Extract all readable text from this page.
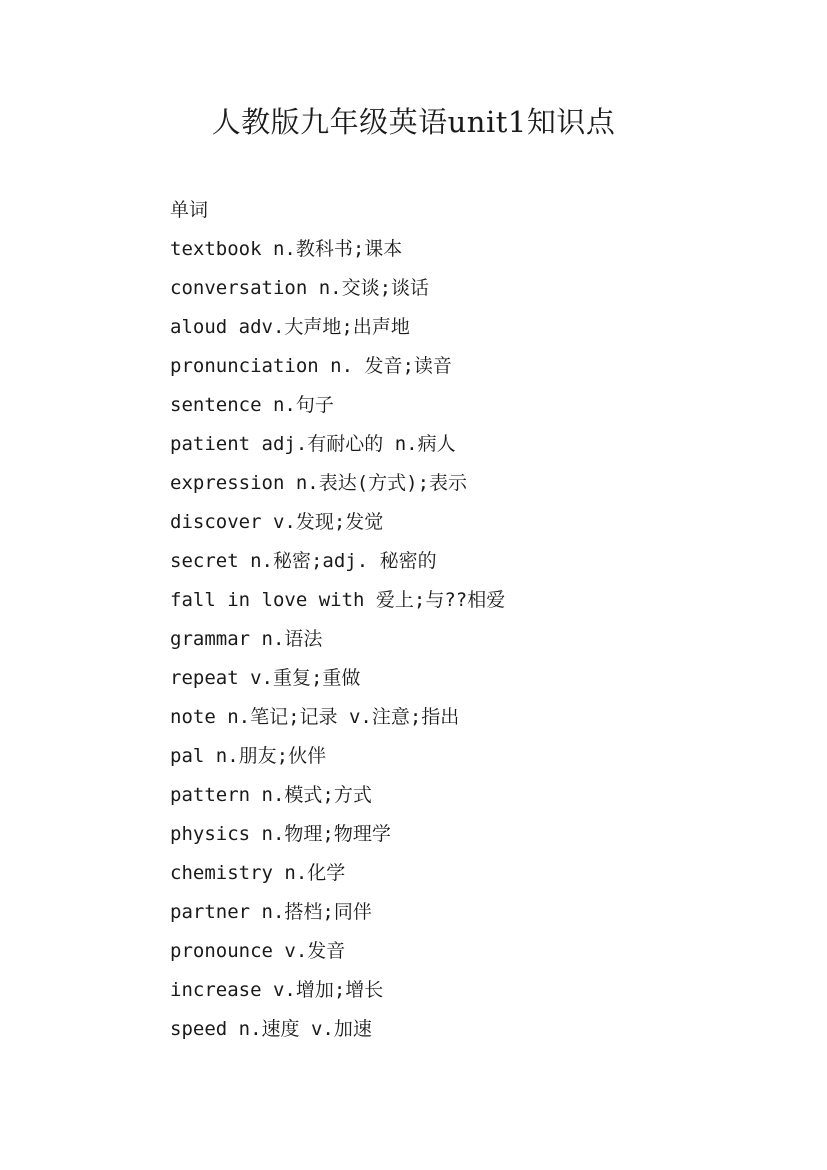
人教版九年级英语unit1知识点
单词
textbook n.教科书;课本
conversation n.交谈;谈话
aloud adv.大声地;出声地
pronunciation n. 发音;读音
sentence n.句子
patient adj.有耐心的 n.病人
expression n.表达(方式);表示
discover v.发现;发觉
secret n.秘密;adj. 秘密的
fall in love with 爱上;与??相爱
grammar n.语法
repeat v.重复;重做
note n.笔记;记录 v.注意;指出
pal n.朋友;伙伴
pattern n.模式;方式
physics n.物理;物理学
chemistry n.化学
partner n.搭档;同伴
pronounce v.发音
increase v.增加;增长
speed n.速度 v.加速
